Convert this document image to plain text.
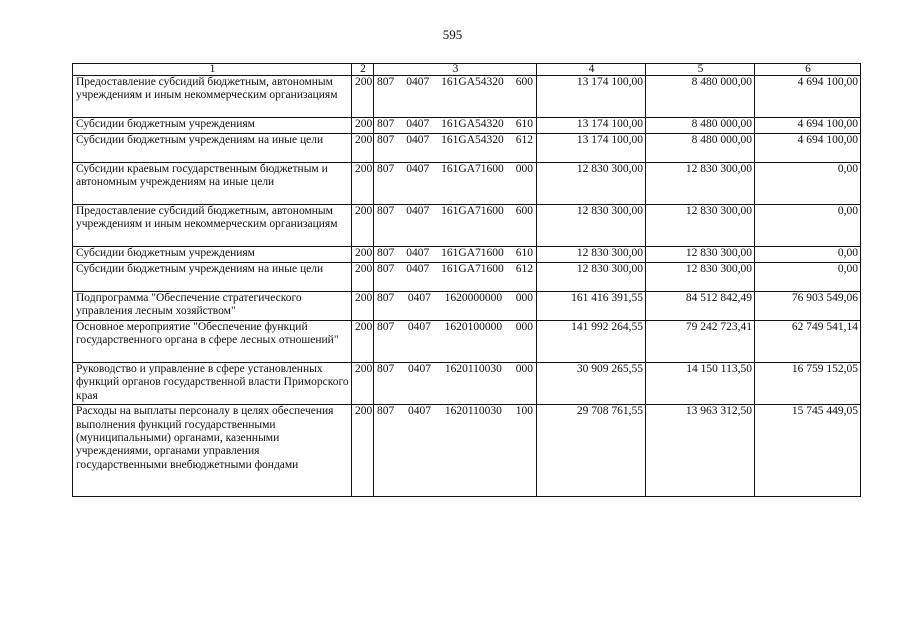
595
1	2	3	4	5	6
Предоставление субсидий бюджетным, автономным учреждениям и иным некоммерческим организациям	200	807 0407 161GA54320 600	13 174 100,00	8 480 000,00	4 694 100,00
Субсидии бюджетным учреждениям	200	807 0407 161GA54320 610	13 174 100,00	8 480 000,00	4 694 100,00
Субсидии бюджетным учреждениям на иные цели	200	807 0407 161GA54320 612	13 174 100,00	8 480 000,00	4 694 100,00
Субсидии краевым государственным бюджетным и автономным учреждениям на иные цели	200	807 0407 161GA71600 000	12 830 300,00	12 830 300,00	0,00
Предоставление субсидий бюджетным, автономным учреждениям и иным некоммерческим организациям	200	807 0407 161GA71600 600	12 830 300,00	12 830 300,00	0,00
Субсидии бюджетным учреждениям	200	807 0407 161GA71600 610	12 830 300,00	12 830 300,00	0,00
Субсидии бюджетным учреждениям на иные цели	200	807 0407 161GA71600 612	12 830 300,00	12 830 300,00	0,00
Подпрограмма "Обеспечение стратегического управления лесным хозяйством"	200	807 0407 1620000000 000	161 416 391,55	84 512 842,49	76 903 549,06
Основное мероприятие "Обеспечение функций государственного органа в сфере лесных отношений"	200	807 0407 1620100000 000	141 992 264,55	79 242 723,41	62 749 541,14
Руководство и управление в сфере установленных функций органов государственной власти Приморского края	200	807 0407 1620110030 000	30 909 265,55	14 150 113,50	16 759 152,05
Расходы на выплаты персоналу в целях обеспечения выполнения функций государственными (муниципальными) органами, казенными учреждениями, органами управления государственными внебюджетными фондами	200	807 0407 1620110030 100	29 708 761,55	13 963 312,50	15 745 449,05
